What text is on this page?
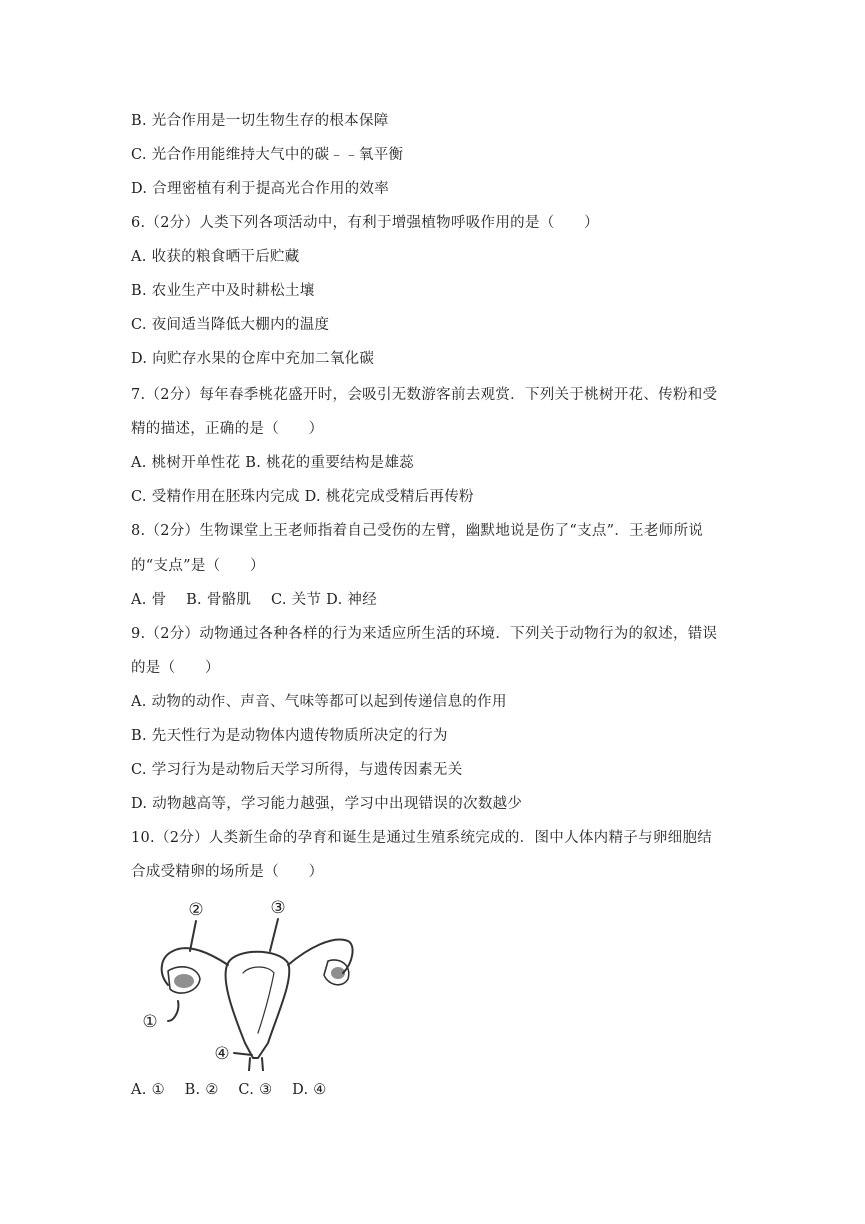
B. 光合作用是一切生物生存的根本保障
C. 光合作用能维持大气中的碳﹣﹣氧平衡
D. 合理密植有利于提高光合作用的效率
6.（2分）人类下列各项活动中，有利于增强植物呼吸作用的是（　　）
A. 收获的粮食晒干后贮藏
B. 农业生产中及时耕松土壤
C. 夜间适当降低大棚内的温度
D. 向贮存水果的仓库中充加二氧化碳
7.（2分）每年春季桃花盛开时，会吸引无数游客前去观赏．下列关于桃树开花、传粉和受
精的描述，正确的是（　　）
A. 桃树开单性花 B. 桃花的重要结构是雄蕊
C. 受精作用在胚珠内完成 D. 桃花完成受精后再传粉
8.（2分）生物课堂上王老师指着自己受伤的左臂，幽默地说是伤了“支点”．王老师所说
的“支点”是（　　）
A. 骨　 B. 骨骼肌　 C. 关节 D. 神经
9.（2分）动物通过各种各样的行为来适应所生活的环境．下列关于动物行为的叙述，错误
的是（　　）
A. 动物的动作、声音、气味等都可以起到传递信息的作用
B. 先天性行为是动物体内遗传物质所决定的行为
C. 学习行为是动物后天学习所得，与遗传因素无关
D. 动物越高等，学习能力越强，学习中出现错误的次数越少
10.（2分）人类新生命的孕育和诞生是通过生殖系统完成的．图中人体内精子与卵细胞结
合成受精卵的场所是（　　）
②	③
①
④
A. ①　 B. ②　 C. ③　 D. ④
